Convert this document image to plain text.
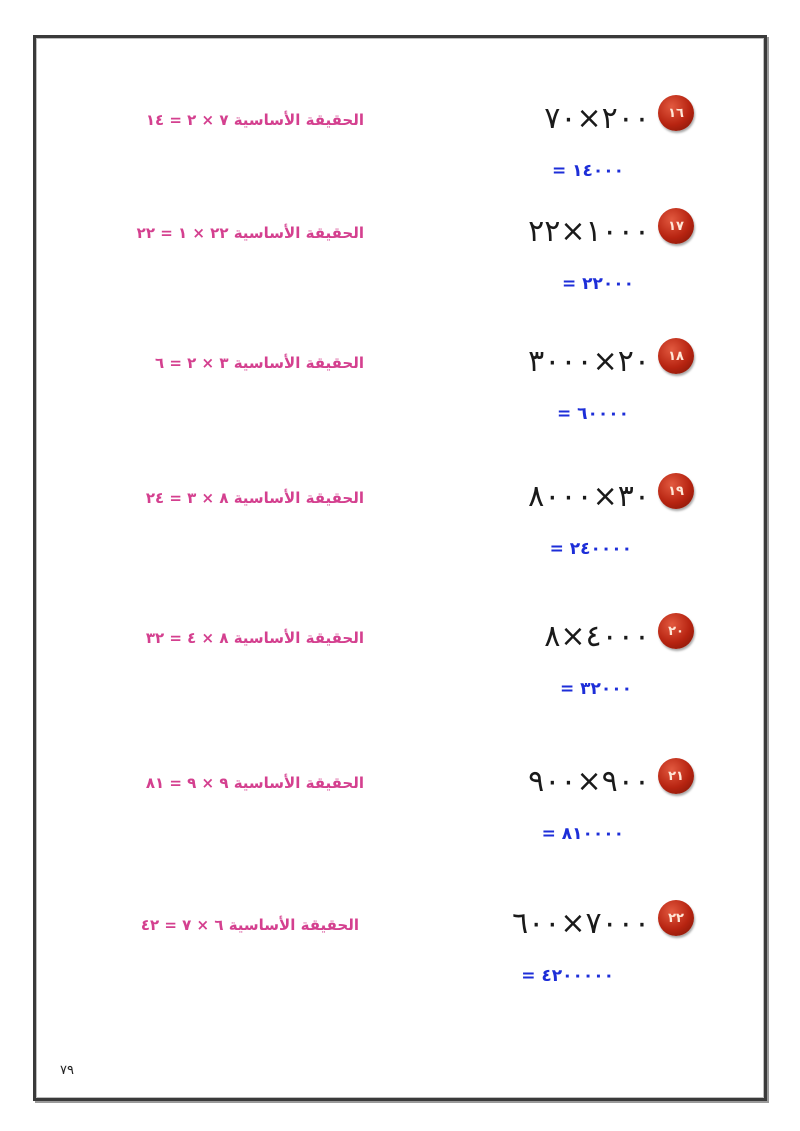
الحقيقة الأساسية ٧ × ٢ = ١٤	٢٠٠×٧٠	١٦
١٤٠٠٠ =
الحقيقة الأساسية ٢٢ × ١ = ٢٢	١٠٠٠×٢٢	١٧
٢٢٠٠٠ =
الحقيقة الأساسية ٣ × ٢ = ٦	٢٠×٣٠٠٠	١٨
٦٠٠٠٠ =
الحقيقة الأساسية ٨ × ٣ = ٢٤	٣٠×٨٠٠٠	١٩
٢٤٠٠٠٠ =
الحقيقة الأساسية ٨ × ٤ = ٣٢	٤٠٠٠×٨	٢٠
٣٢٠٠٠ =
الحقيقة الأساسية ٩ × ٩ = ٨١	٩٠٠×٩٠٠	٢١
٨١٠٠٠٠ =
الحقيقة الأساسية ٦ × ٧ = ٤٢	٧٠٠٠×٦٠٠	٢٢
٤٢٠٠٠٠٠ =
٧٩
